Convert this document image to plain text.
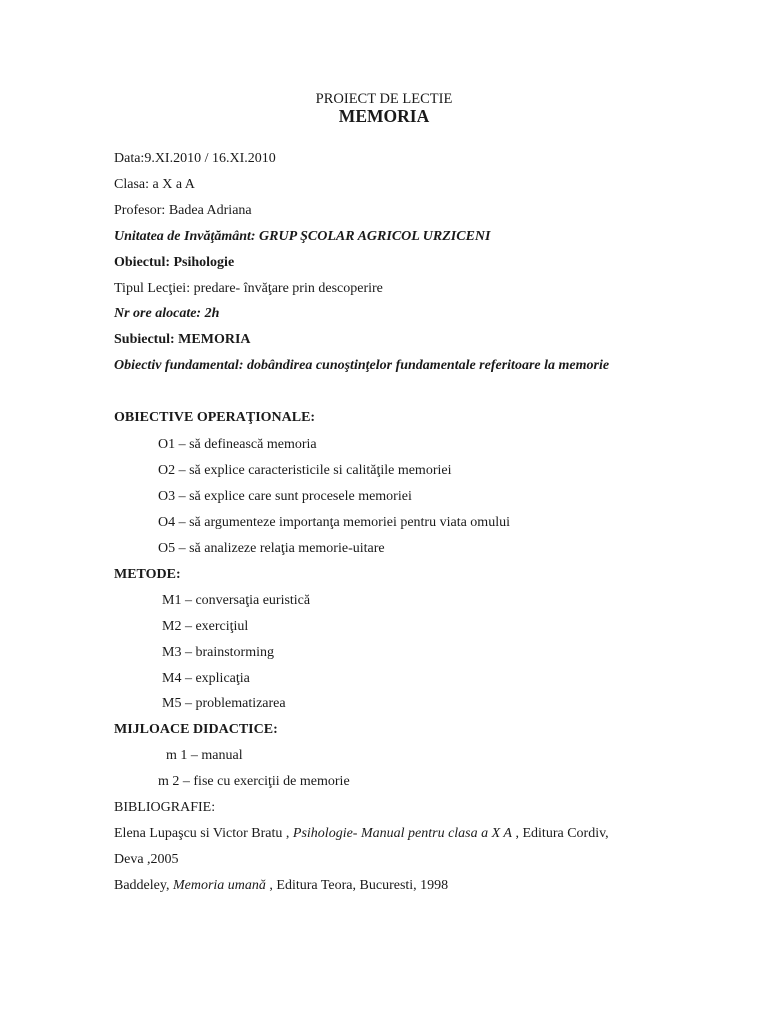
PROIECT DE LECTIE
MEMORIA
Data:9.XI.2010 / 16.XI.2010
Clasa: a X a A
Profesor: Badea Adriana
Unitatea de Invăţământ: GRUP ŞCOLAR AGRICOL URZICENI
Obiectul: Psihologie
Tipul Lecţiei: predare- învăţare prin descoperire
Nr ore alocate: 2h
Subiectul: MEMORIA
Obiectiv fundamental: dobândirea cunoştinţelor fundamentale referitoare la memorie
OBIECTIVE OPERAŢIONALE:
O1 – să definească memoria
O2 – să explice caracteristicile si calităţile memoriei
O3 – să explice care sunt procesele memoriei
O4 – să argumenteze importanţa memoriei pentru viata omului
O5 – să analizeze relaţia memorie-uitare
METODE:
M1 – conversaţia euristică
M2 – exerciţiul
M3 – brainstorming
M4 – explicaţia
M5 – problematizarea
MIJLOACE DIDACTICE:
m 1 – manual
m 2 – fise cu exerciţii de memorie
BIBLIOGRAFIE:
Elena Lupaşcu si Victor Bratu , Psihologie- Manual pentru clasa a X A , Editura Cordiv,
Deva ,2005
Baddeley, Memoria umană , Editura Teora, Bucuresti, 1998
